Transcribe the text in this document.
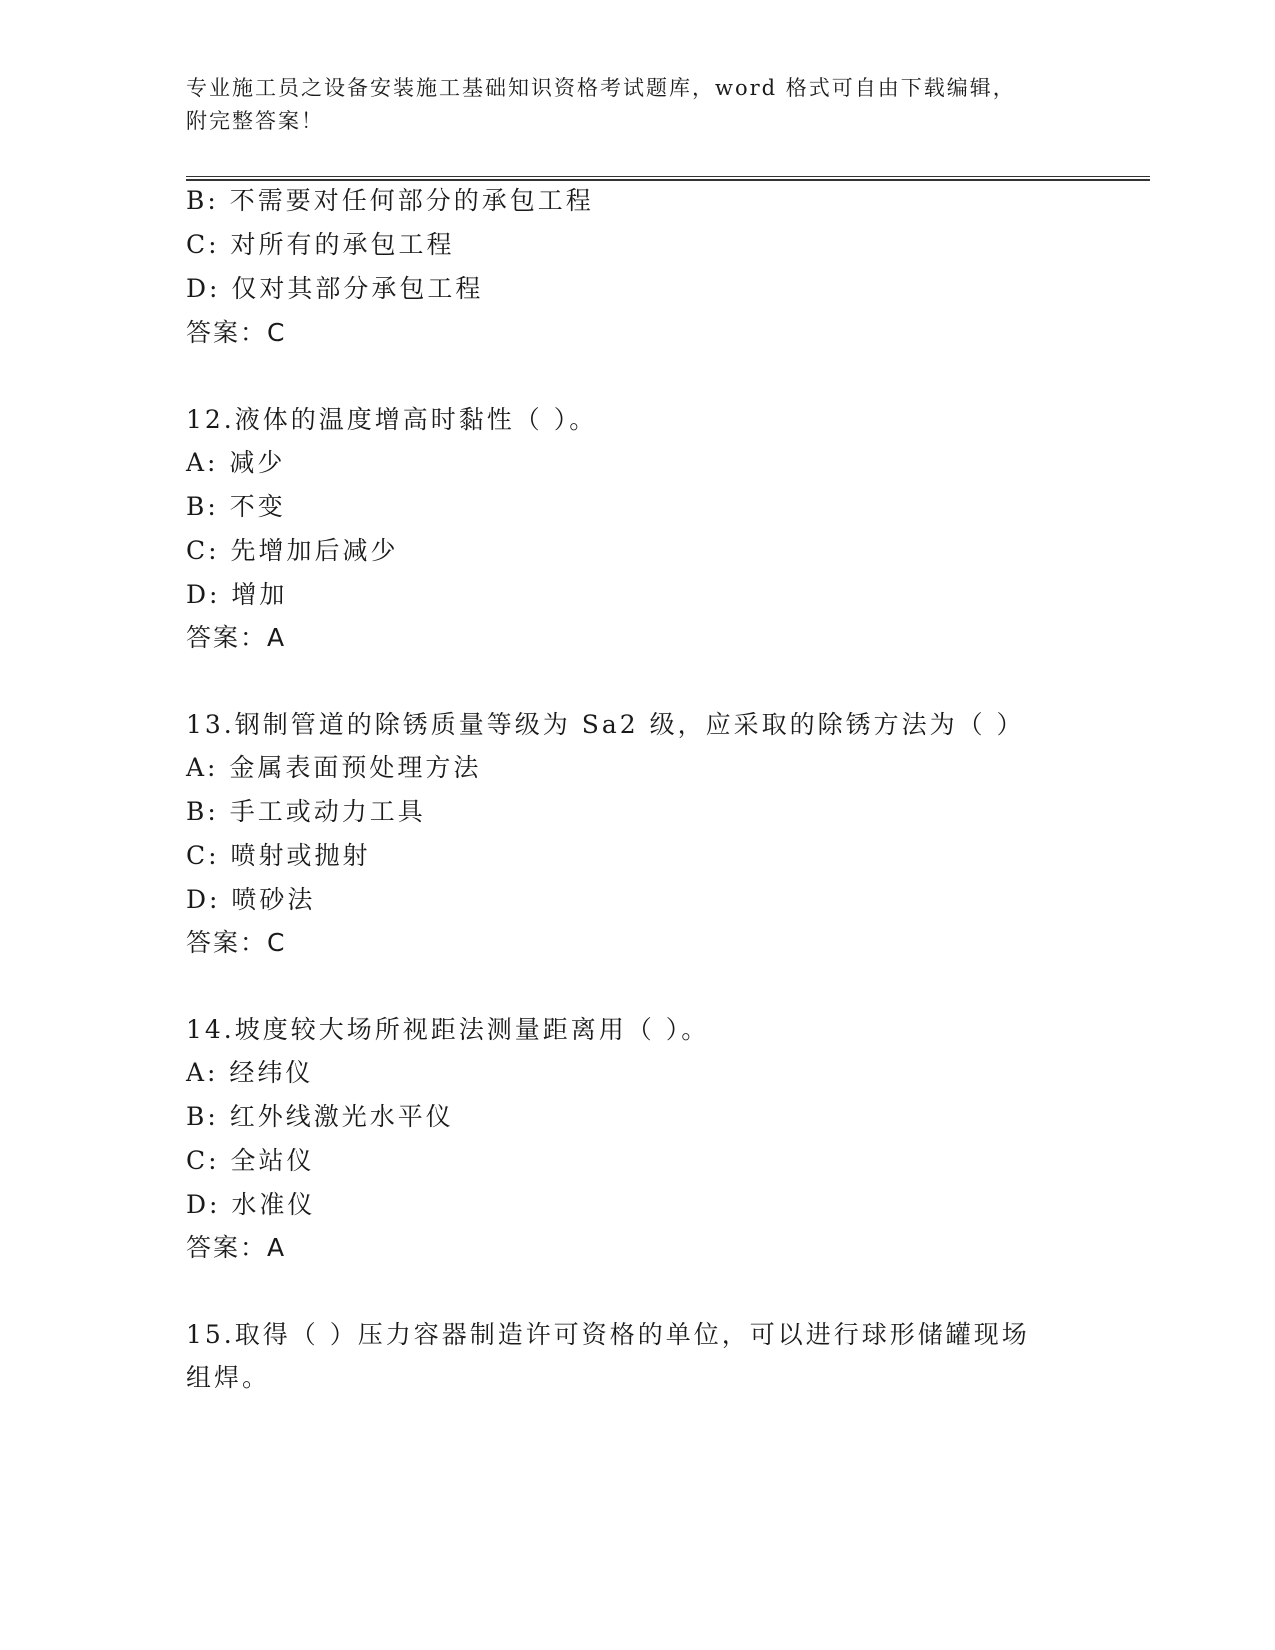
专业施工员之设备安装施工基础知识资格考试题库，word 格式可自由下载编辑，
附完整答案！
B: 不需要对任何部分的承包工程
C: 对所有的承包工程
D: 仅对其部分承包工程
答案：C
12.液体的温度增高时黏性（ ）。
A: 减少
B: 不变
C: 先增加后减少
D: 增加
答案：A
13.钢制管道的除锈质量等级为 Sa2 级，应采取的除锈方法为（ ）
A: 金属表面预处理方法
B: 手工或动力工具
C: 喷射或抛射
D: 喷砂法
答案：C
14.坡度较大场所视距法测量距离用（ ）。
A: 经纬仪
B: 红外线激光水平仪
C: 全站仪
D: 水准仪
答案：A
15.取得（ ）压力容器制造许可资格的单位，可以进行球形储罐现场
组焊。
